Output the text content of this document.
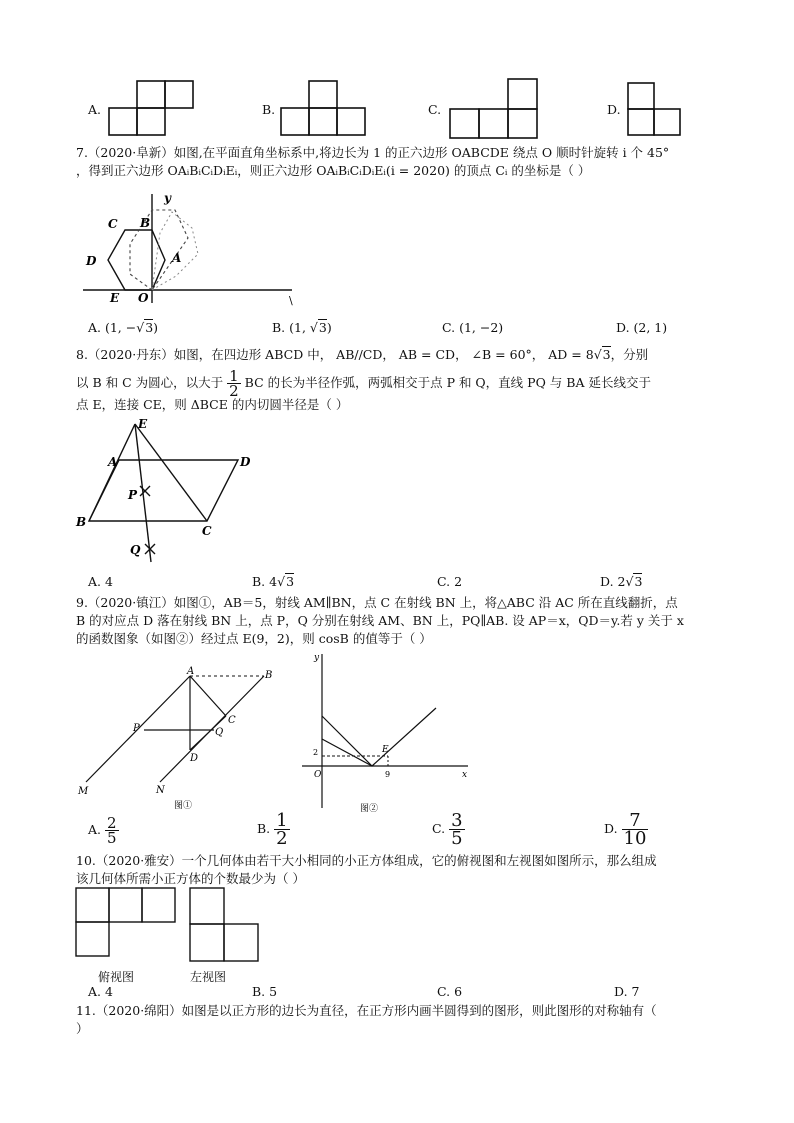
A.	B.	C.	D.
7.（2020·阜新）如图,在平面直角坐标系中,将边长为 1 的正六边形 OABCDE 绕点 O 顺时针旋转 i 个 45°
，得到正六边形 OAᵢBᵢCᵢDᵢEᵢ，则正六边形 OAᵢBᵢCᵢDᵢEᵢ(i = 2020) 的顶点 Cᵢ 的坐标是（ ）
\
C B
y
D	A
E O
A. (1, −√3)	B. (1, √3)	C. (1, −2)	D. (2, 1)
8.（2020·丹东）如图，在四边形 ABCD 中， AB//CD， AB = CD， ∠B = 60°， AD = 8√3，分别
以 B 和 C 为圆心，以大于 $\frac{1}{2}$ BC 的长为半径作弧，两弧相交于点 P 和 Q，直线 PQ 与 BA 延长线交于
点 E，连接 CE，则 ΔBCE 的内切圆半径是（ ）
E
A	D
P
B
C
Q
A. 4	B. 4√3	C. 2	D. 2√3
9.（2020·镇江）如图①，AB＝5，射线 AM∥BN，点 C 在射线 BN 上，将△ABC 沿 AC 所在直线翻折，点
B 的对应点 D 落在射线 BN 上，点 P，Q 分别在射线 AM、BN 上，PQ∥AB. 设 AP＝x，QD＝y.若 y 关于 x
的函数图象（如图②）经过点 E(9，2)，则 cosB 的值等于（ ）
A	B
P
C
Q
D
M	N
图①
y
2	E
O	9	x
图②
A. $\frac{2}{5}$	B. $\frac{1}{2}$	C. $\frac{3}{5}$	D. $\frac{7}{10}$
10.（2020·雅安）一个几何体由若干大小相同的小正方体组成，它的俯视图和左视图如图所示，那么组成
该几何体所需小正方体的个数最少为（ ）
俯视图	左视图
A. 4	B. 5	C. 6	D. 7
11.（2020·绵阳）如图是以正方形的边长为直径，在正方形内画半圆得到的图形，则此图形的对称轴有（
）
